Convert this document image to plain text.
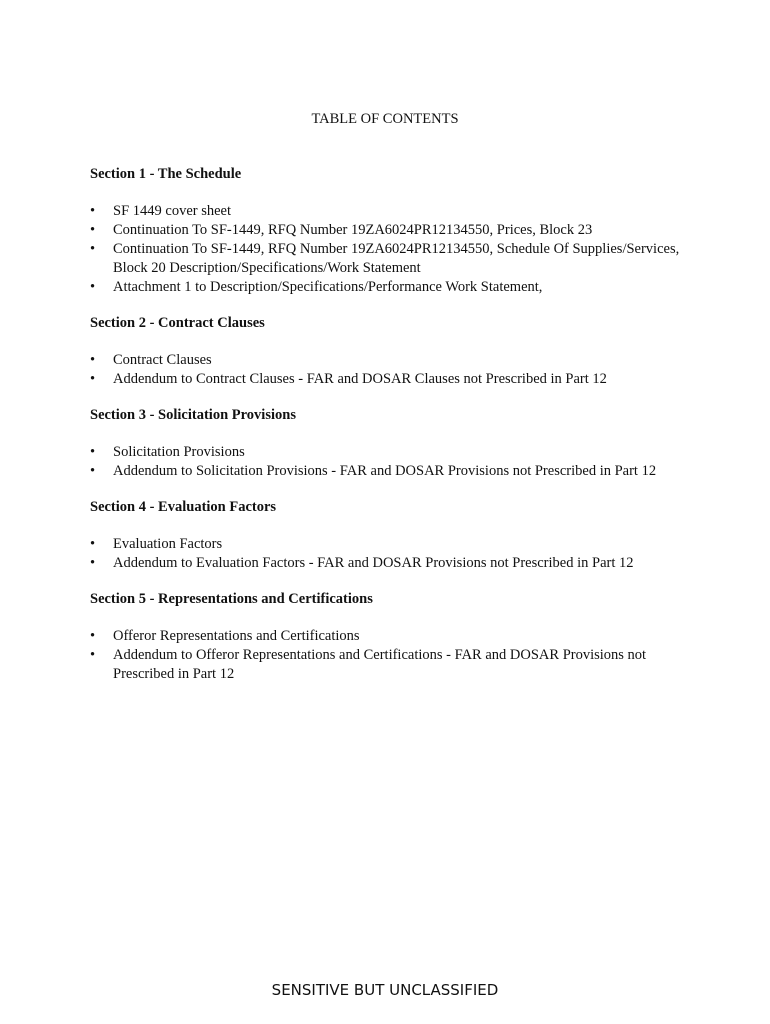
TABLE OF CONTENTS
Section 1 - The Schedule
•	SF 1449 cover sheet
•	Continuation To SF-1449, RFQ Number 19ZA6024PR12134550, Prices, Block 23
•	Continuation To SF-1449, RFQ Number 19ZA6024PR12134550, Schedule Of Supplies/Services, Block 20 Description/Specifications/Work Statement
•	Attachment 1 to Description/Specifications/Performance Work Statement,
Section 2 - Contract Clauses
•	Contract Clauses
•	Addendum to Contract Clauses - FAR and DOSAR Clauses not Prescribed in Part 12
Section 3 - Solicitation Provisions
•	Solicitation Provisions
•	Addendum to Solicitation Provisions - FAR and DOSAR Provisions not Prescribed in Part 12
Section 4 - Evaluation Factors
•	Evaluation Factors
•	Addendum to Evaluation Factors - FAR and DOSAR Provisions not Prescribed in Part 12
Section 5 - Representations and Certifications
•	Offeror Representations and Certifications
•	Addendum to Offeror Representations and Certifications - FAR and DOSAR Provisions not Prescribed in Part 12
SENSITIVE BUT UNCLASSIFIED
